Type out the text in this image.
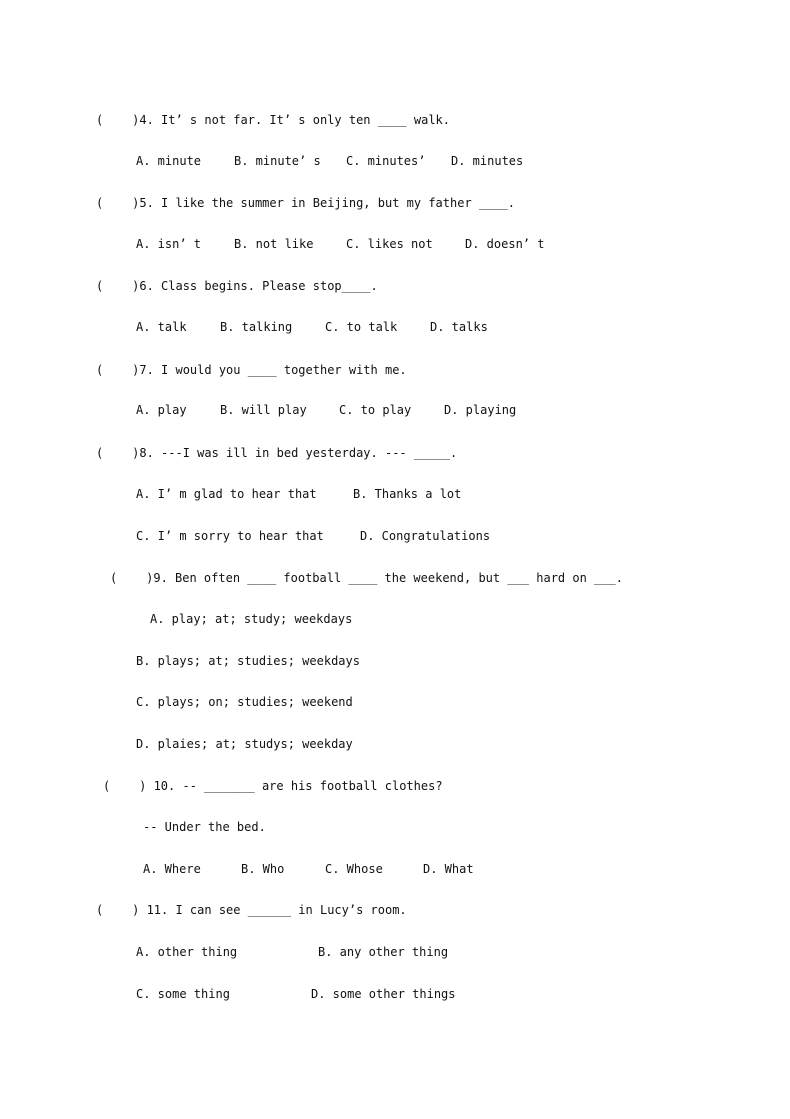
(    )4. It’ s not far. It’ s only ten ____ walk.
A. minute	B. minute’ s C. minutes’ D. minutes
(    )5. I like the summer in Beijing, but my father ____.
A. isn’ t	B. not like	C. likes not	D. doesn’ t
(    )6. Class begins. Please stop____.
A. talk	B. talking	C. to talk	D. talks
(    )7. I would you ____ together with me.
A. play	B. will play	C. to play	D. playing
(    )8. ---I was ill in bed yesterday. --- _____.
A. I’ m glad to hear that	B. Thanks a lot
C. I’ m sorry to hear that	D. Congratulations
(    )9. Ben often ____ football ____ the weekend, but ___ hard on ___.
A. play; at; study; weekdays
B. plays; at; studies; weekdays
C. plays; on; studies; weekend
D. plaies; at; studys; weekday
(    ) 10. -- _______ are his football clothes?
-- Under the bed.
A. Where	B. Who	C. Whose	D. What
(    ) 11. I can see ______ in Lucy’s room.
A. other thing	B. any other thing
C. some thing	D. some other things
